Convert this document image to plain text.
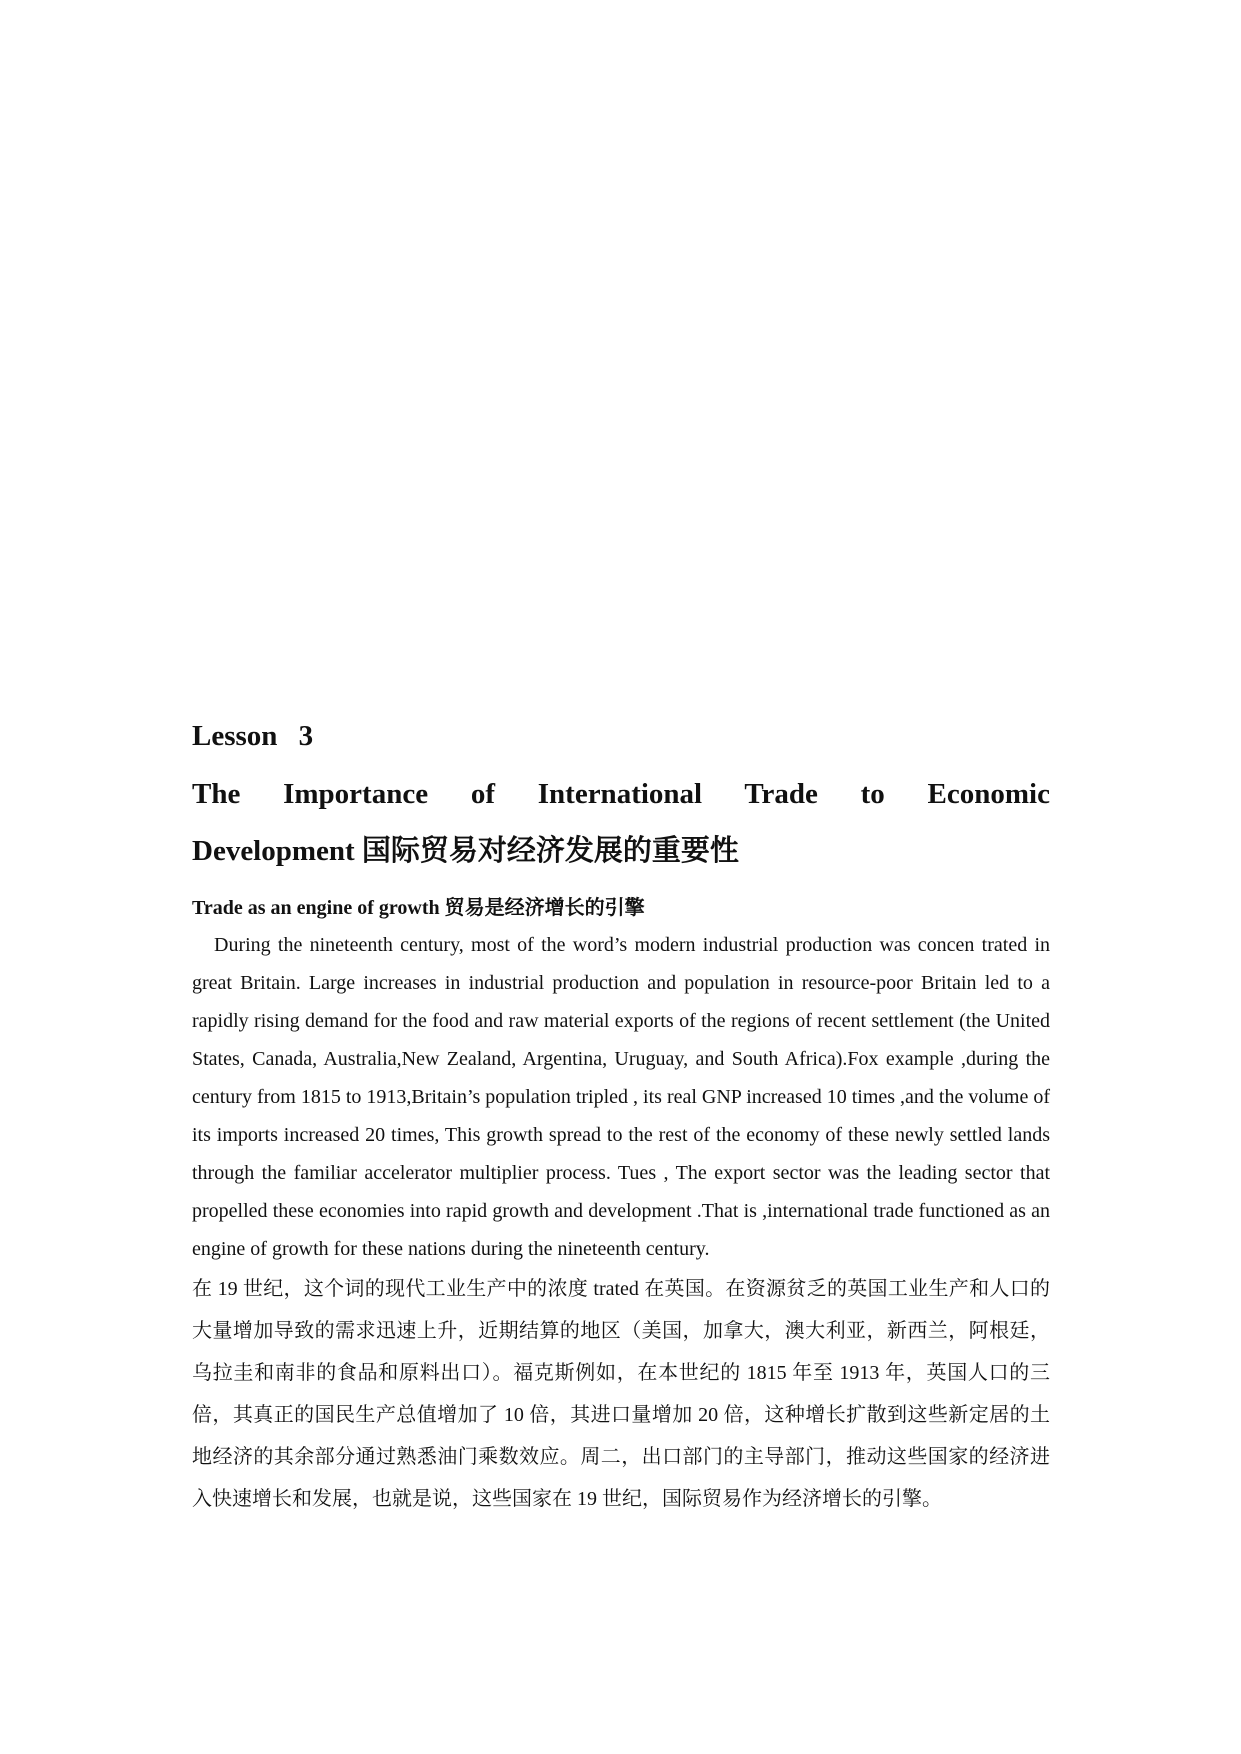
Lesson 3

The Importance of International Trade to Economic
Development 国际贸易对经济发展的重要性
Trade as an engine of growth 贸易是经济增长的引擎

During the nineteenth century, most of the word’s modern industrial production was concen trated in great Britain. Large increases in industrial production and population in resource-poor Britain led to a rapidly rising demand for the food and raw material exports of the regions of recent settlement (the United States, Canada, Australia,New Zealand, Argentina, Uruguay, and South Africa).Fox example ,during the century from 1815 to 1913,Britain’s population tripled , its real GNP increased 10 times ,and the volume of its imports increased 20 times, This growth spread to the rest of the economy of these newly settled lands through the familiar accelerator multiplier process. Tues , The export sector was the leading sector that propelled these economies into rapid growth and development .That is ,international trade functioned as an engine of growth for these nations during the nineteenth century.

在 19 世纪，这个词的现代工业生产中的浓度 trated 在英国。在资源贫乏的英国工业生产和人口的大量增加导致的需求迅速上升，近期结算的地区（美国，加拿大，澳大利亚，新西兰，阿根廷，乌拉圭和南非的食品和原料出口）。福克斯例如，在本世纪的 1815 年至 1913 年，英国人口的三倍，其真正的国民生产总值增加了 10 倍，其进口量增加 20 倍，这种增长扩散到这些新定居的土地经济的其余部分通过熟悉油门乘数效应。周二，出口部门的主导部门，推动这些国家的经济进入快速增长和发展，也就是说，这些国家在 19 世纪，国际贸易作为经济增长的引擎。
